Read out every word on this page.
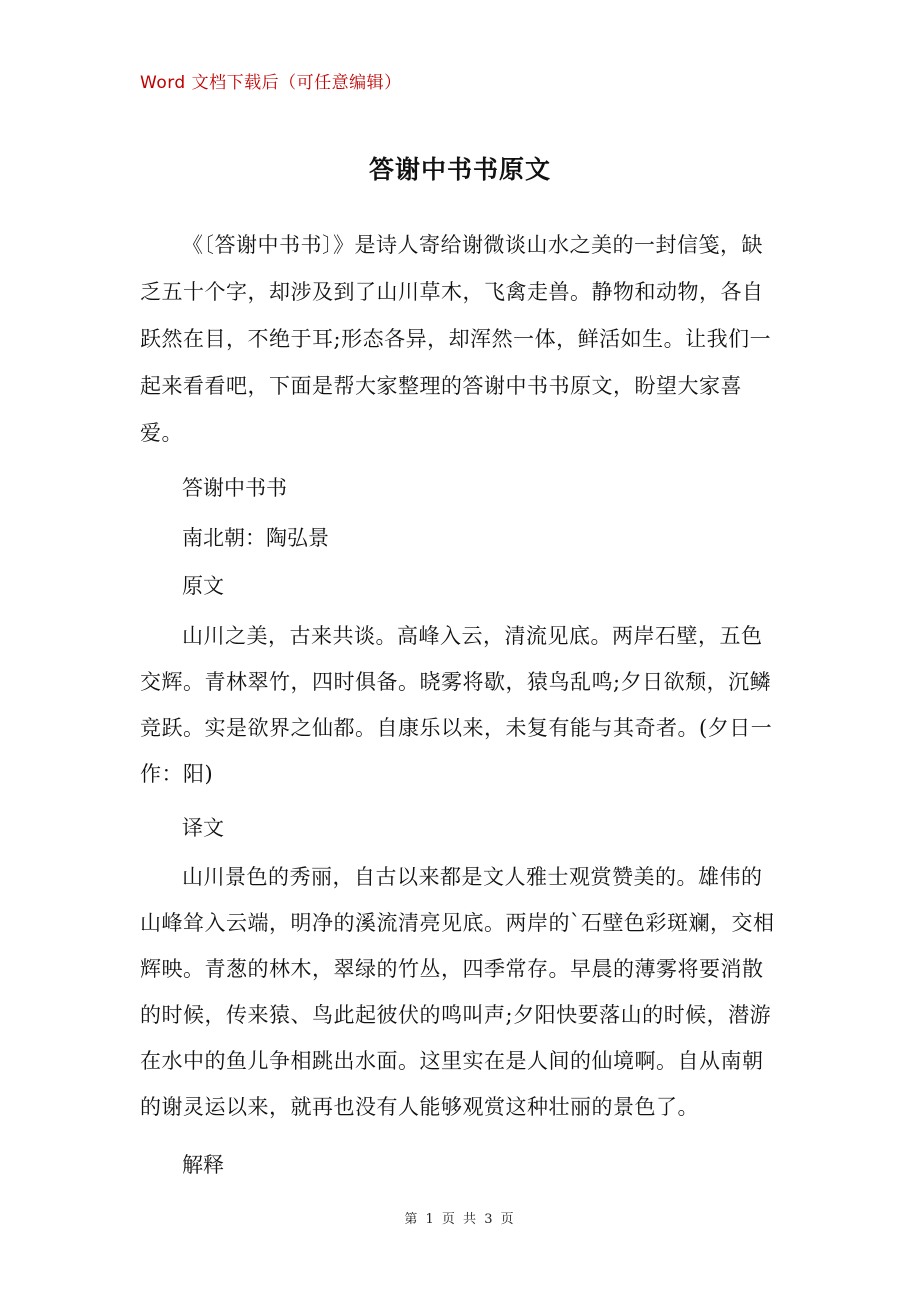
Word 文档下载后（可任意编辑）
答谢中书书原文
《〔答谢中书书〕》是诗人寄给谢微谈山水之美的一封信笺，缺乏五十个字，却涉及到了山川草木，飞禽走兽。静物和动物，各自跃然在目，不绝于耳;形态各异，却浑然一体，鲜活如生。让我们一起来看看吧，下面是帮大家整理的答谢中书书原文，盼望大家喜爱。
答谢中书书
南北朝：陶弘景
原文
山川之美，古来共谈。高峰入云，清流见底。两岸石壁，五色交辉。青林翠竹，四时俱备。晓雾将歇，猿鸟乱鸣;夕日欲颓，沉鳞竞跃。实是欲界之仙都。自康乐以来，未复有能与其奇者。(夕日一作：阳)
译文
山川景色的秀丽，自古以来都是文人雅士观赏赞美的。雄伟的山峰耸入云端，明净的溪流清亮见底。两岸的`石壁色彩斑斓，交相辉映。青葱的林木，翠绿的竹丛，四季常存。早晨的薄雾将要消散的时候，传来猿、鸟此起彼伏的鸣叫声;夕阳快要落山的时候，潜游在水中的鱼儿争相跳出水面。这里实在是人间的仙境啊。自从南朝的谢灵运以来，就再也没有人能够观赏这种壮丽的景色了。
解释
第 1 页 共 3 页
